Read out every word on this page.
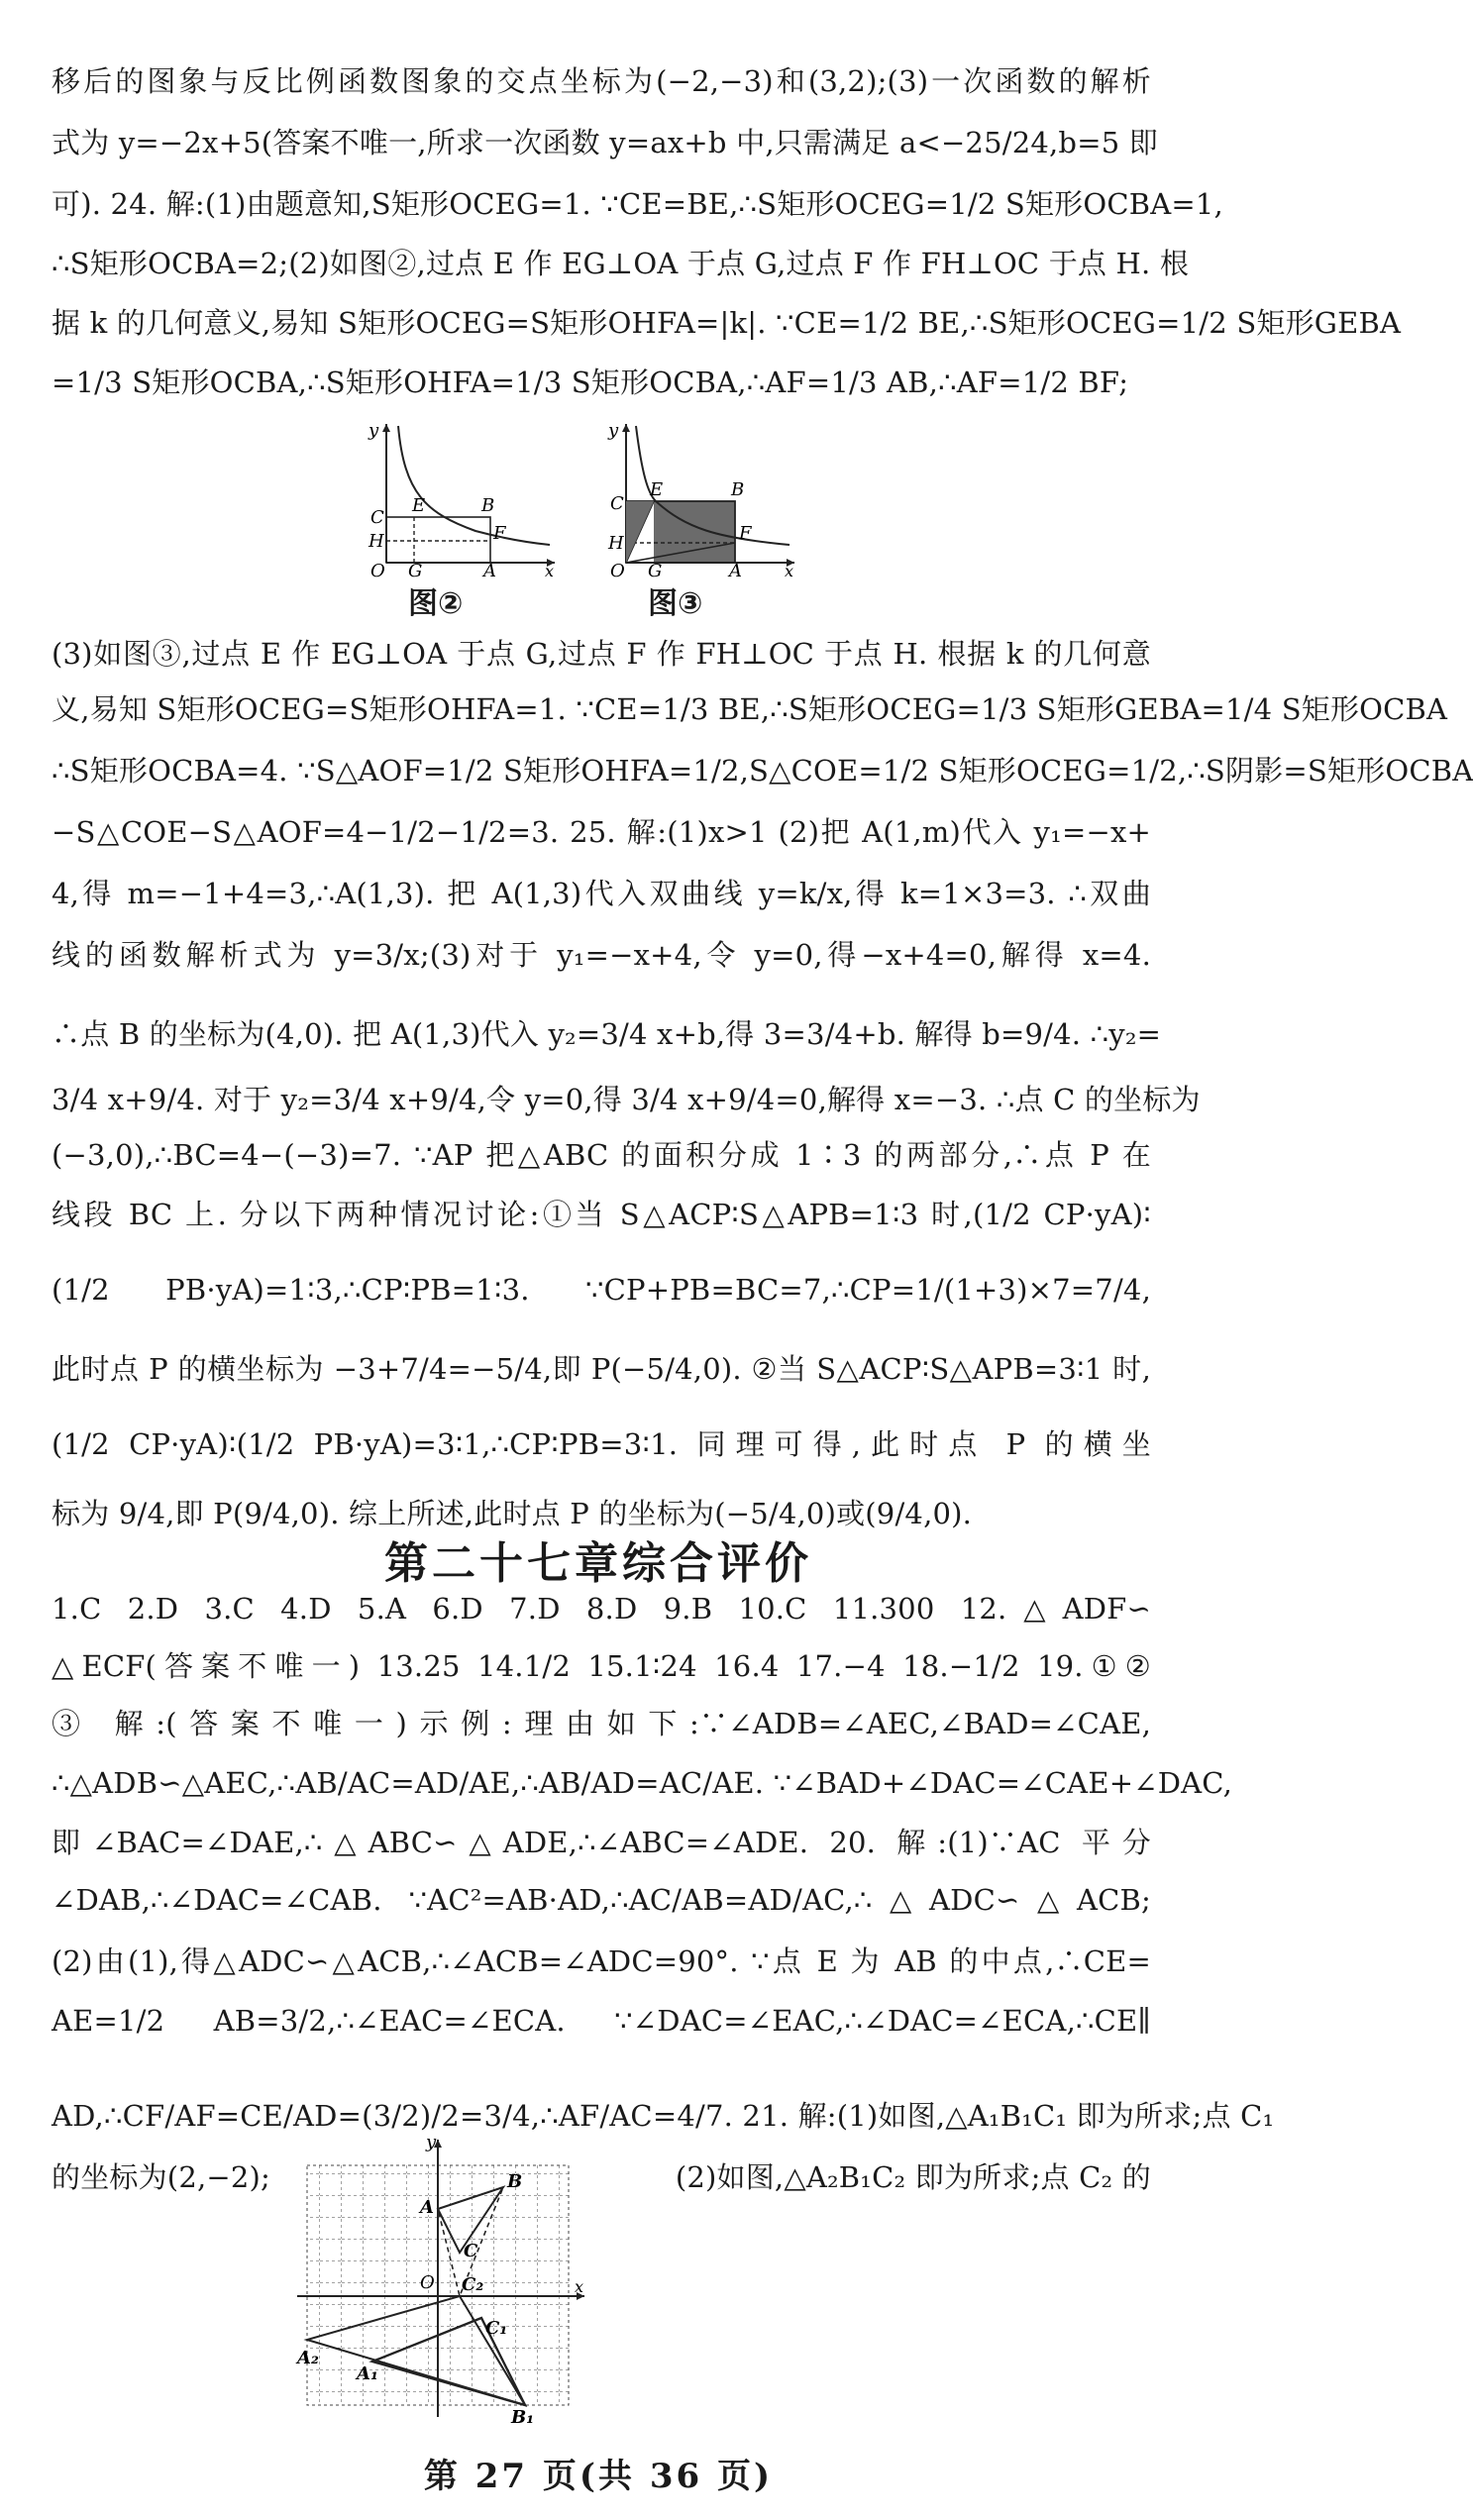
移后的图象与反比例函数图象的交点坐标为(−2,−3)和(3,2);(3)一次函数的解析
式为 y=−2x+5(答案不唯一,所求一次函数 y=ax+b 中,只需满足 a<−25/24,b=5 即
可). 24. 解:(1)由题意知,S矩形OCEG=1. ∵CE=BE,∴S矩形OCEG=1/2 S矩形OCBA=1,
∴S矩形OCBA=2;(2)如图②,过点 E 作 EG⊥OA 于点 G,过点 F 作 FH⊥OC 于点 H. 根
据 k 的几何意义,易知 S矩形OCEG=S矩形OHFA=|k|. ∵CE=1/2 BE,∴S矩形OCEG=1/2 S矩形GEBA
=1/3 S矩形OCBA,∴S矩形OHFA=1/3 S矩形OCBA,∴AF=1/3 AB,∴AF=1/2 BF;
y
C
E	B
H	F
O G	A	x
图②
y
C
E	B
H	F
O G	A	x
图③
(3)如图③,过点 E 作 EG⊥OA 于点 G,过点 F 作 FH⊥OC 于点 H. 根据 k 的几何意
义,易知 S矩形OCEG=S矩形OHFA=1. ∵CE=1/3 BE,∴S矩形OCEG=1/3 S矩形GEBA=1/4 S矩形OCBA
∴S矩形OCBA=4. ∵S△AOF=1/2 S矩形OHFA=1/2,S△COE=1/2 S矩形OCEG=1/2,∴S阴影=S矩形OCBA
−S△COE−S△AOF=4−1/2−1/2=3. 25. 解:(1)x>1 (2)把 A(1,m)代入 y₁=−x+
4,得 m=−1+4=3,∴A(1,3). 把 A(1,3)代入双曲线 y=k/x,得 k=1×3=3. ∴双曲
线的函数解析式为 y=3/x;(3)对于 y₁=−x+4,令 y=0,得−x+4=0,解得 x=4.
∴点 B 的坐标为(4,0). 把 A(1,3)代入 y₂=3/4 x+b,得 3=3/4+b. 解得 b=9/4. ∴y₂=
3/4 x+9/4. 对于 y₂=3/4 x+9/4,令 y=0,得 3/4 x+9/4=0,解得 x=−3. ∴点 C 的坐标为
(−3,0),∴BC=4−(−3)=7. ∵AP 把△ABC 的面积分成 1∶3 的两部分,∴点 P 在
线段 BC 上. 分以下两种情况讨论:①当 S△ACP∶S△APB=1∶3 时,(1/2 CP·yA)∶
(1/2 PB·yA)=1∶3,∴CP∶PB=1∶3. ∵CP+PB=BC=7,∴CP=1/(1+3)×7=7/4,
此时点 P 的横坐标为 −3+7/4=−5/4,即 P(−5/4,0). ②当 S△ACP∶S△APB=3∶1 时,
(1/2 CP·yA)∶(1/2 PB·yA)=3∶1,∴CP∶PB=3∶1. 同理可得,此时点 P 的横坐
标为 9/4,即 P(9/4,0). 综上所述,此时点 P 的坐标为(−5/4,0)或(9/4,0).
第二十七章综合评价
1.C 2.D 3.C 4.D 5.A 6.D 7.D 8.D 9.B 10.C 11.300 12.△ADF∽
△ECF(答案不唯一) 13.25 14.1/2 15.1∶24 16.4 17.−4 18.−1/2 19.①②
③ 解:(答案不唯一)示例:理由如下:∵∠ADB=∠AEC,∠BAD=∠CAE,
∴△ADB∽△AEC,∴AB/AC=AD/AE,∴AB/AD=AC/AE. ∵∠BAD+∠DAC=∠CAE+∠DAC,
即∠BAC=∠DAE,∴△ABC∽△ADE,∴∠ABC=∠ADE. 20. 解:(1)∵AC 平分
∠DAB,∴∠DAC=∠CAB. ∵AC²=AB·AD,∴AC/AB=AD/AC,∴△ADC∽△ACB;
(2)由(1),得△ADC∽△ACB,∴∠ACB=∠ADC=90°. ∵点 E 为 AB 的中点,∴CE=
AE=1/2 AB=3/2,∴∠EAC=∠ECA. ∵∠DAC=∠EAC,∴∠DAC=∠ECA,∴CE∥
AD,∴CF/AF=CE/AD=(3/2)/2=3/4,∴AF/AC=4/7. 21. 解:(1)如图,△A₁B₁C₁ 即为所求;点 C₁
的坐标为(2,−2);	(2)如图,△A₂B₁C₂ 即为所求;点 C₂ 的
y
B
A
C
O C₂	x
C₁
A₂
A₁
B₁
第 27 页(共 36 页)
